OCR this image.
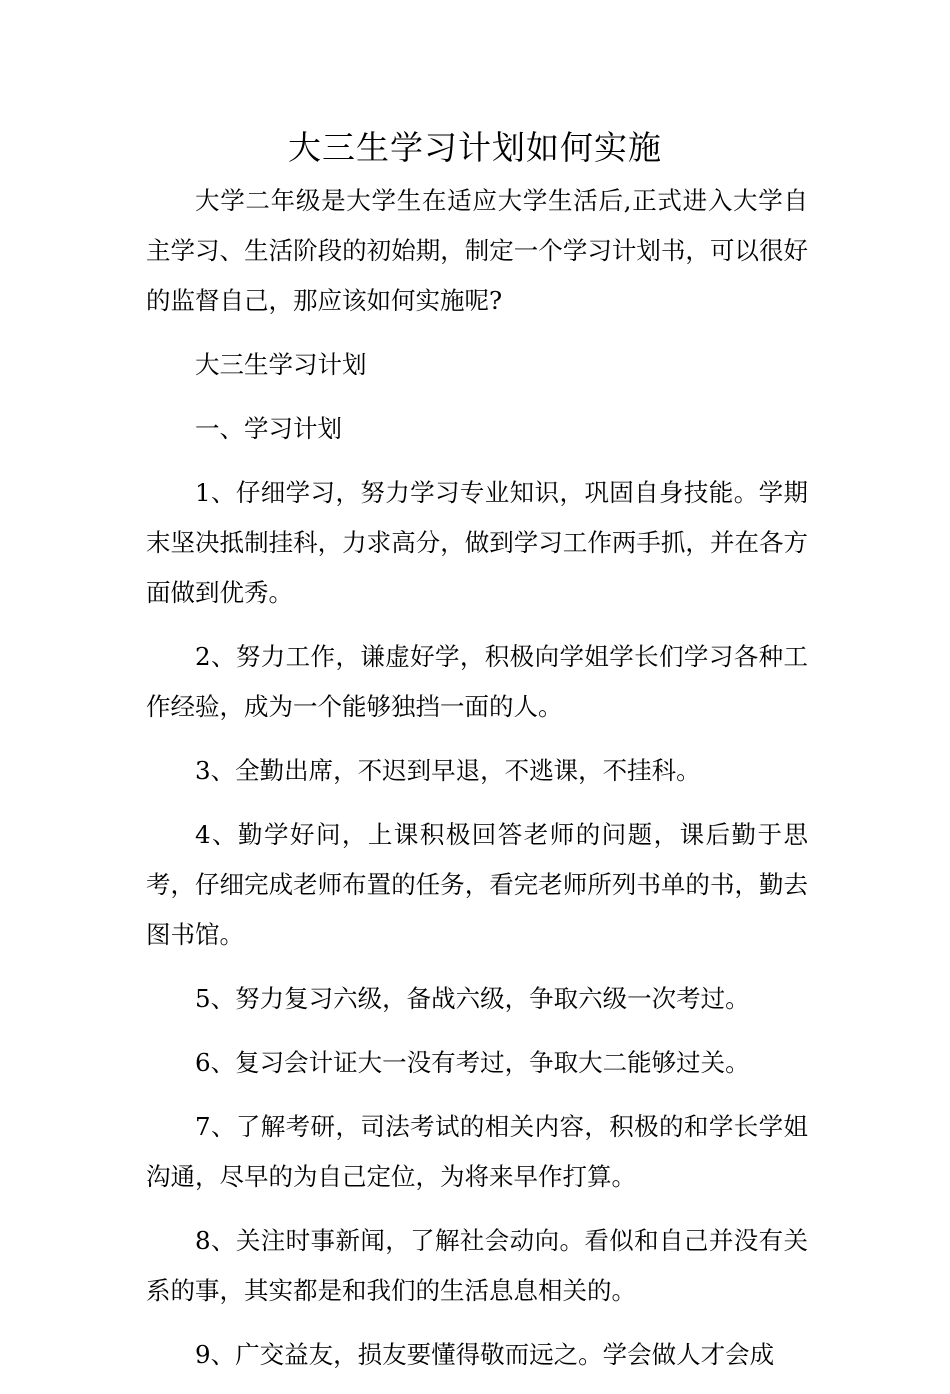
大三生学习计划如何实施

大学二年级是大学生在适应大学生活后,正式进入大学自主学习、生活阶段的初始期，制定一个学习计划书，可以很好的监督自己，那应该如何实施呢?

大三生学习计划

一、学习计划

1、仔细学习，努力学习专业知识，巩固自身技能。学期末坚决抵制挂科，力求高分，做到学习工作两手抓，并在各方面做到优秀。

2、努力工作，谦虚好学，积极向学姐学长们学习各种工作经验，成为一个能够独挡一面的人。

3、全勤出席，不迟到早退，不逃课，不挂科。

4、勤学好问，上课积极回答老师的问题，课后勤于思考，仔细完成老师布置的任务，看完老师所列书单的书，勤去图书馆。

5、努力复习六级，备战六级，争取六级一次考过。

6、复习会计证大一没有考过，争取大二能够过关。

7、了解考研，司法考试的相关内容，积极的和学长学姐沟通，尽早的为自己定位，为将来早作打算。

8、关注时事新闻，了解社会动向。看似和自己并没有关系的事，其实都是和我们的生活息息相关的。

9、广交益友，损友要懂得敬而远之。学会做人才会成
